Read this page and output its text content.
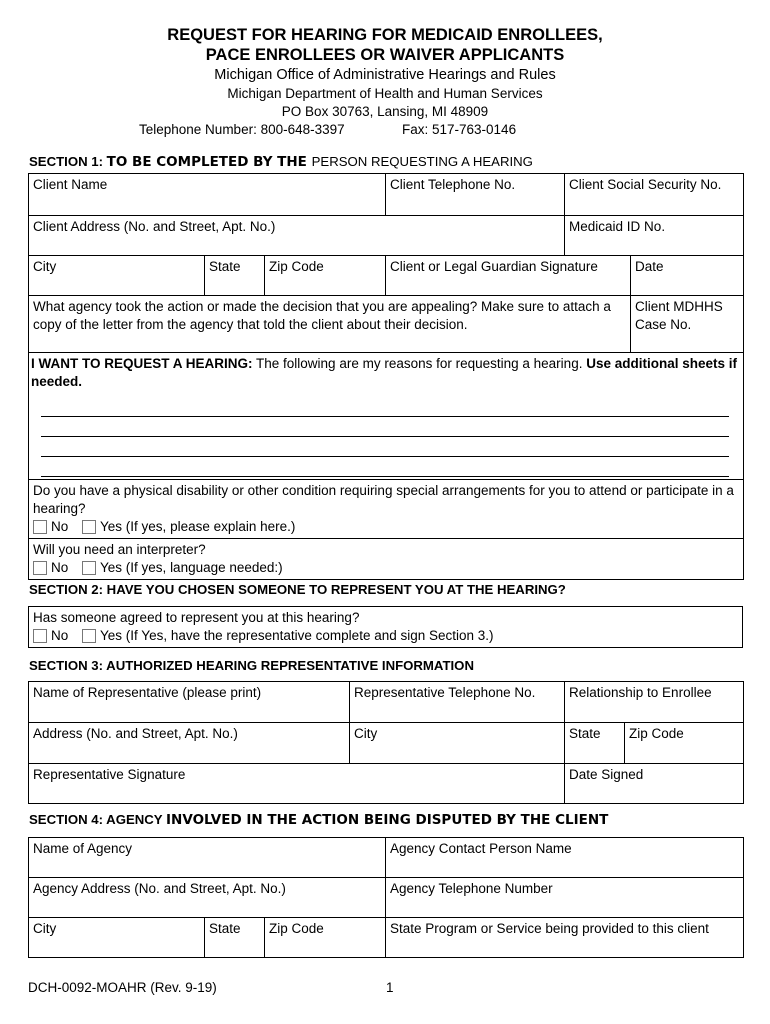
REQUEST FOR HEARING FOR MEDICAID ENROLLEES,
PACE ENROLLEES OR WAIVER APPLICANTS
Michigan Office of Administrative Hearings and Rules
Michigan Department of Health and Human Services
PO Box 30763, Lansing, MI 48909
Telephone Number: 800-648-3397	Fax: 517-763-0146
SECTION 1: TO BE COMPLETED BY THE PERSON REQUESTING A HEARING
Client Name			Client Telephone No.	Client Social Security No.	
Client Address (No. and Street, Apt. No.)				Medicaid ID No.	
City	State	Zip Code	Client or Legal Guardian Signature		Date
What agency took the action or made the decision that you are appealing? Make sure to attach a copy of the letter from the agency that told the client about their decision.					Client MDHHS Case No.

I WANT TO REQUEST A HEARING: The following are my reasons for requesting a hearing. Use additional sheets if needed.					

Do you have a physical disability or other condition requiring special arrangements for you to attend or participate in a hearing?
No Yes (If yes, please explain here.)					

Will you need an interpreter?
No Yes (If yes, language needed:)					
SECTION 2: HAVE YOU CHOSEN SOMEONE TO REPRESENT YOU AT THE HEARING?
Has someone agreed to represent you at this hearing?
No Yes (If Yes, have the representative complete and sign Section 3.)
SECTION 3: AUTHORIZED HEARING REPRESENTATIVE INFORMATION
Name of Representative (please print)	Representative Telephone No.	Relationship to Enrollee	
Address (No. and Street, Apt. No.)	City	State	Zip Code
Representative Signature		Date Signed	
SECTION 4: AGENCY INVOLVED IN THE ACTION BEING DISPUTED BY THE CLIENT
Name of Agency			Agency Contact Person Name
Agency Address (No. and Street, Apt. No.)			Agency Telephone Number
City	State	Zip Code	State Program or Service being provided to this client
DCH-0092-MOAHR (Rev. 9-19)	1
